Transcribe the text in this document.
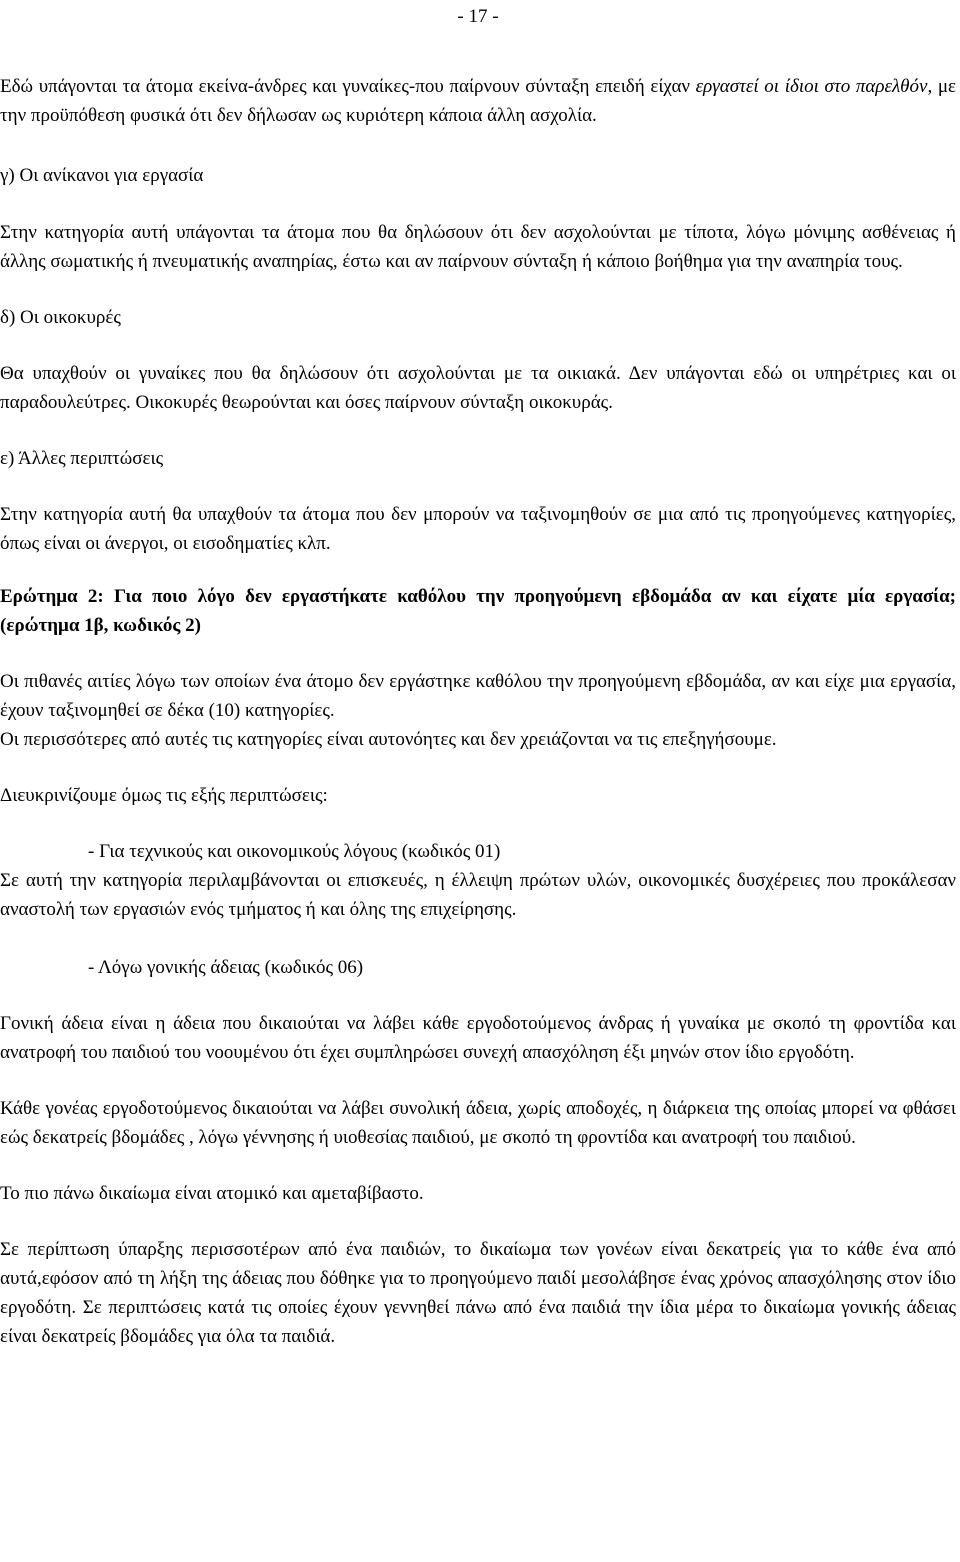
- 17 -

Εδώ υπάγονται τα άτομα εκείνα-άνδρες και γυναίκες-που παίρνουν σύνταξη επειδή είχαν εργαστεί οι ίδιοι στο παρελθόν, με την προϋπόθεση φυσικά ότι δεν δήλωσαν ως κυριότερη κάποια άλλη ασχολία.

γ) Οι ανίκανοι για εργασία

Στην κατηγορία αυτή υπάγονται τα άτομα που θα δηλώσουν ότι δεν ασχολούνται με τίποτα, λόγω μόνιμης ασθένειας ή άλλης σωματικής ή πνευματικής αναπηρίας, έστω και αν παίρνουν σύνταξη ή κάποιο βοήθημα για την αναπηρία τους.

δ) Οι οικοκυρές

Θα υπαχθούν οι γυναίκες που θα δηλώσουν ότι ασχολούνται με τα οικιακά. Δεν υπάγονται εδώ οι υπηρέτριες και οι παραδουλεύτρες. Οικοκυρές θεωρούνται και όσες παίρνουν σύνταξη οικοκυράς.

ε) Άλλες περιπτώσεις

Στην κατηγορία αυτή θα υπαχθούν τα άτομα που δεν μπορούν να ταξινομηθούν σε μια από τις προηγούμενες κατηγορίες, όπως είναι οι άνεργοι, οι εισοδηματίες κλπ.

Ερώτημα 2: Για ποιο λόγο δεν εργαστήκατε καθόλου την προηγούμενη εβδομάδα αν και είχατε μία εργασία; (ερώτημα 1β, κωδικός 2)

Οι πιθανές αιτίες λόγω των οποίων ένα άτομο δεν εργάστηκε καθόλου την προηγούμενη εβδομάδα, αν και είχε μια εργασία, έχουν ταξινομηθεί σε δέκα (10) κατηγορίες.

Οι περισσότερες από αυτές τις κατηγορίες είναι αυτονόητες και δεν χρειάζονται να τις επεξηγήσουμε.

Διευκρινίζουμε όμως τις εξής περιπτώσεις:

- Για τεχνικούς και οικονομικούς λόγους (κωδικός 01)

Σε αυτή την κατηγορία περιλαμβάνονται οι επισκευές, η έλλειψη πρώτων υλών, οικονομικές δυσχέρειες που προκάλεσαν αναστολή των εργασιών ενός τμήματος ή και όλης της επιχείρησης.

- Λόγω γονικής άδειας (κωδικός 06)

Γονική άδεια είναι η άδεια που δικαιούται να λάβει κάθε εργοδοτούμενος άνδρας ή γυναίκα με σκοπό τη φροντίδα και ανατροφή του παιδιού του νοουμένου ότι έχει συμπληρώσει συνεχή απασχόληση έξι μηνών στον ίδιο εργοδότη.

Κάθε γονέας εργοδοτούμενος δικαιούται να λάβει συνολική άδεια, χωρίς αποδοχές, η διάρκεια της οποίας μπορεί να φθάσει εώς δεκατρείς βδομάδες , λόγω γέννησης ή υιοθεσίας παιδιού, με σκοπό τη φροντίδα και ανατροφή του παιδιού.

Το πιο πάνω δικαίωμα είναι ατομικό και αμεταβίβαστο.

Σε περίπτωση ύπαρξης περισσοτέρων από ένα παιδιών, το δικαίωμα των γονέων είναι δεκατρείς για το κάθε ένα από αυτά,εφόσον από τη λήξη της άδειας που δόθηκε για το προηγούμενο παιδί μεσολάβησε ένας χρόνος απασχόλησης στον ίδιο εργοδότη. Σε περιπτώσεις κατά τις οποίες έχουν γεννηθεί πάνω από ένα παιδιά την ίδια μέρα το δικαίωμα γονικής άδειας είναι δεκατρείς βδομάδες για όλα τα παιδιά.
